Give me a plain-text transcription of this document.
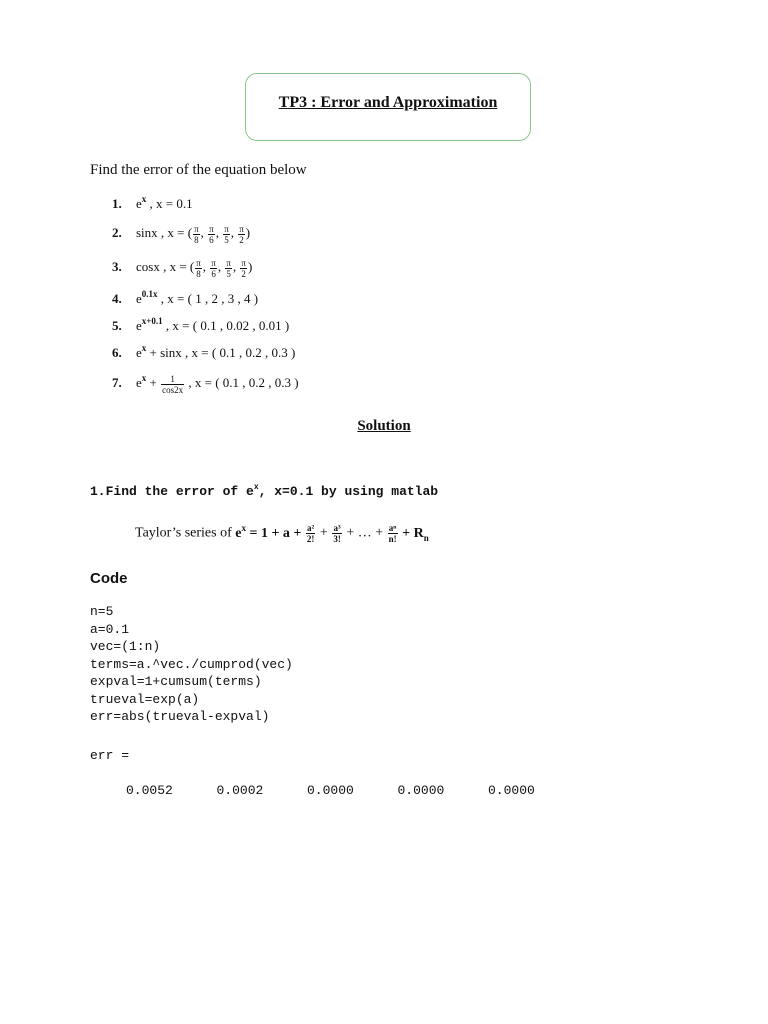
TP3 : Error and Approximation
Find the error of the equation below
1. $e^x$ , x = 0.1
2. sinx , x = ( $\frac{\pi}{8}$ , $\frac{\pi}{6}$ , $\frac{\pi}{5}$ , $\frac{\pi}{2}$ )
3. cosx , x = ( $\frac{\pi}{8}$ , $\frac{\pi}{6}$ , $\frac{\pi}{5}$ , $\frac{\pi}{2}$ )
4. $e^{0.1x}$ , x = ( 1 , 2 , 3 , 4 )
5. $e^{x+0.1}$ , x = ( 0.1 , 0.02 , 0.01 )
6. $e^x + \sin x$ , x = ( 0.1 , 0.2 , 0.3 )
7. $e^x + \frac{1}{\cos 2x}$ , x = ( 0.1 , 0.2 , 0.3 )
Solution
1.Find the error of $e^x$, x=0.1 by using matlab
Taylor’s series of $e^x = 1 + a + \frac{\text{a²}}{2!} + \frac{\text{a³}}{3!}$ + … + $\frac{\text{aⁿ}}{n!} + R_n$
Code
n=5
a=0.1
vec=(1:n)
terms=a.^vec./cumprod(vec)
expval=1+cumsum(terms)
trueval=exp(a)
err=abs(trueval-expval)
err =
0.0052	0.0002	0.0000	0.0000	0.0000
